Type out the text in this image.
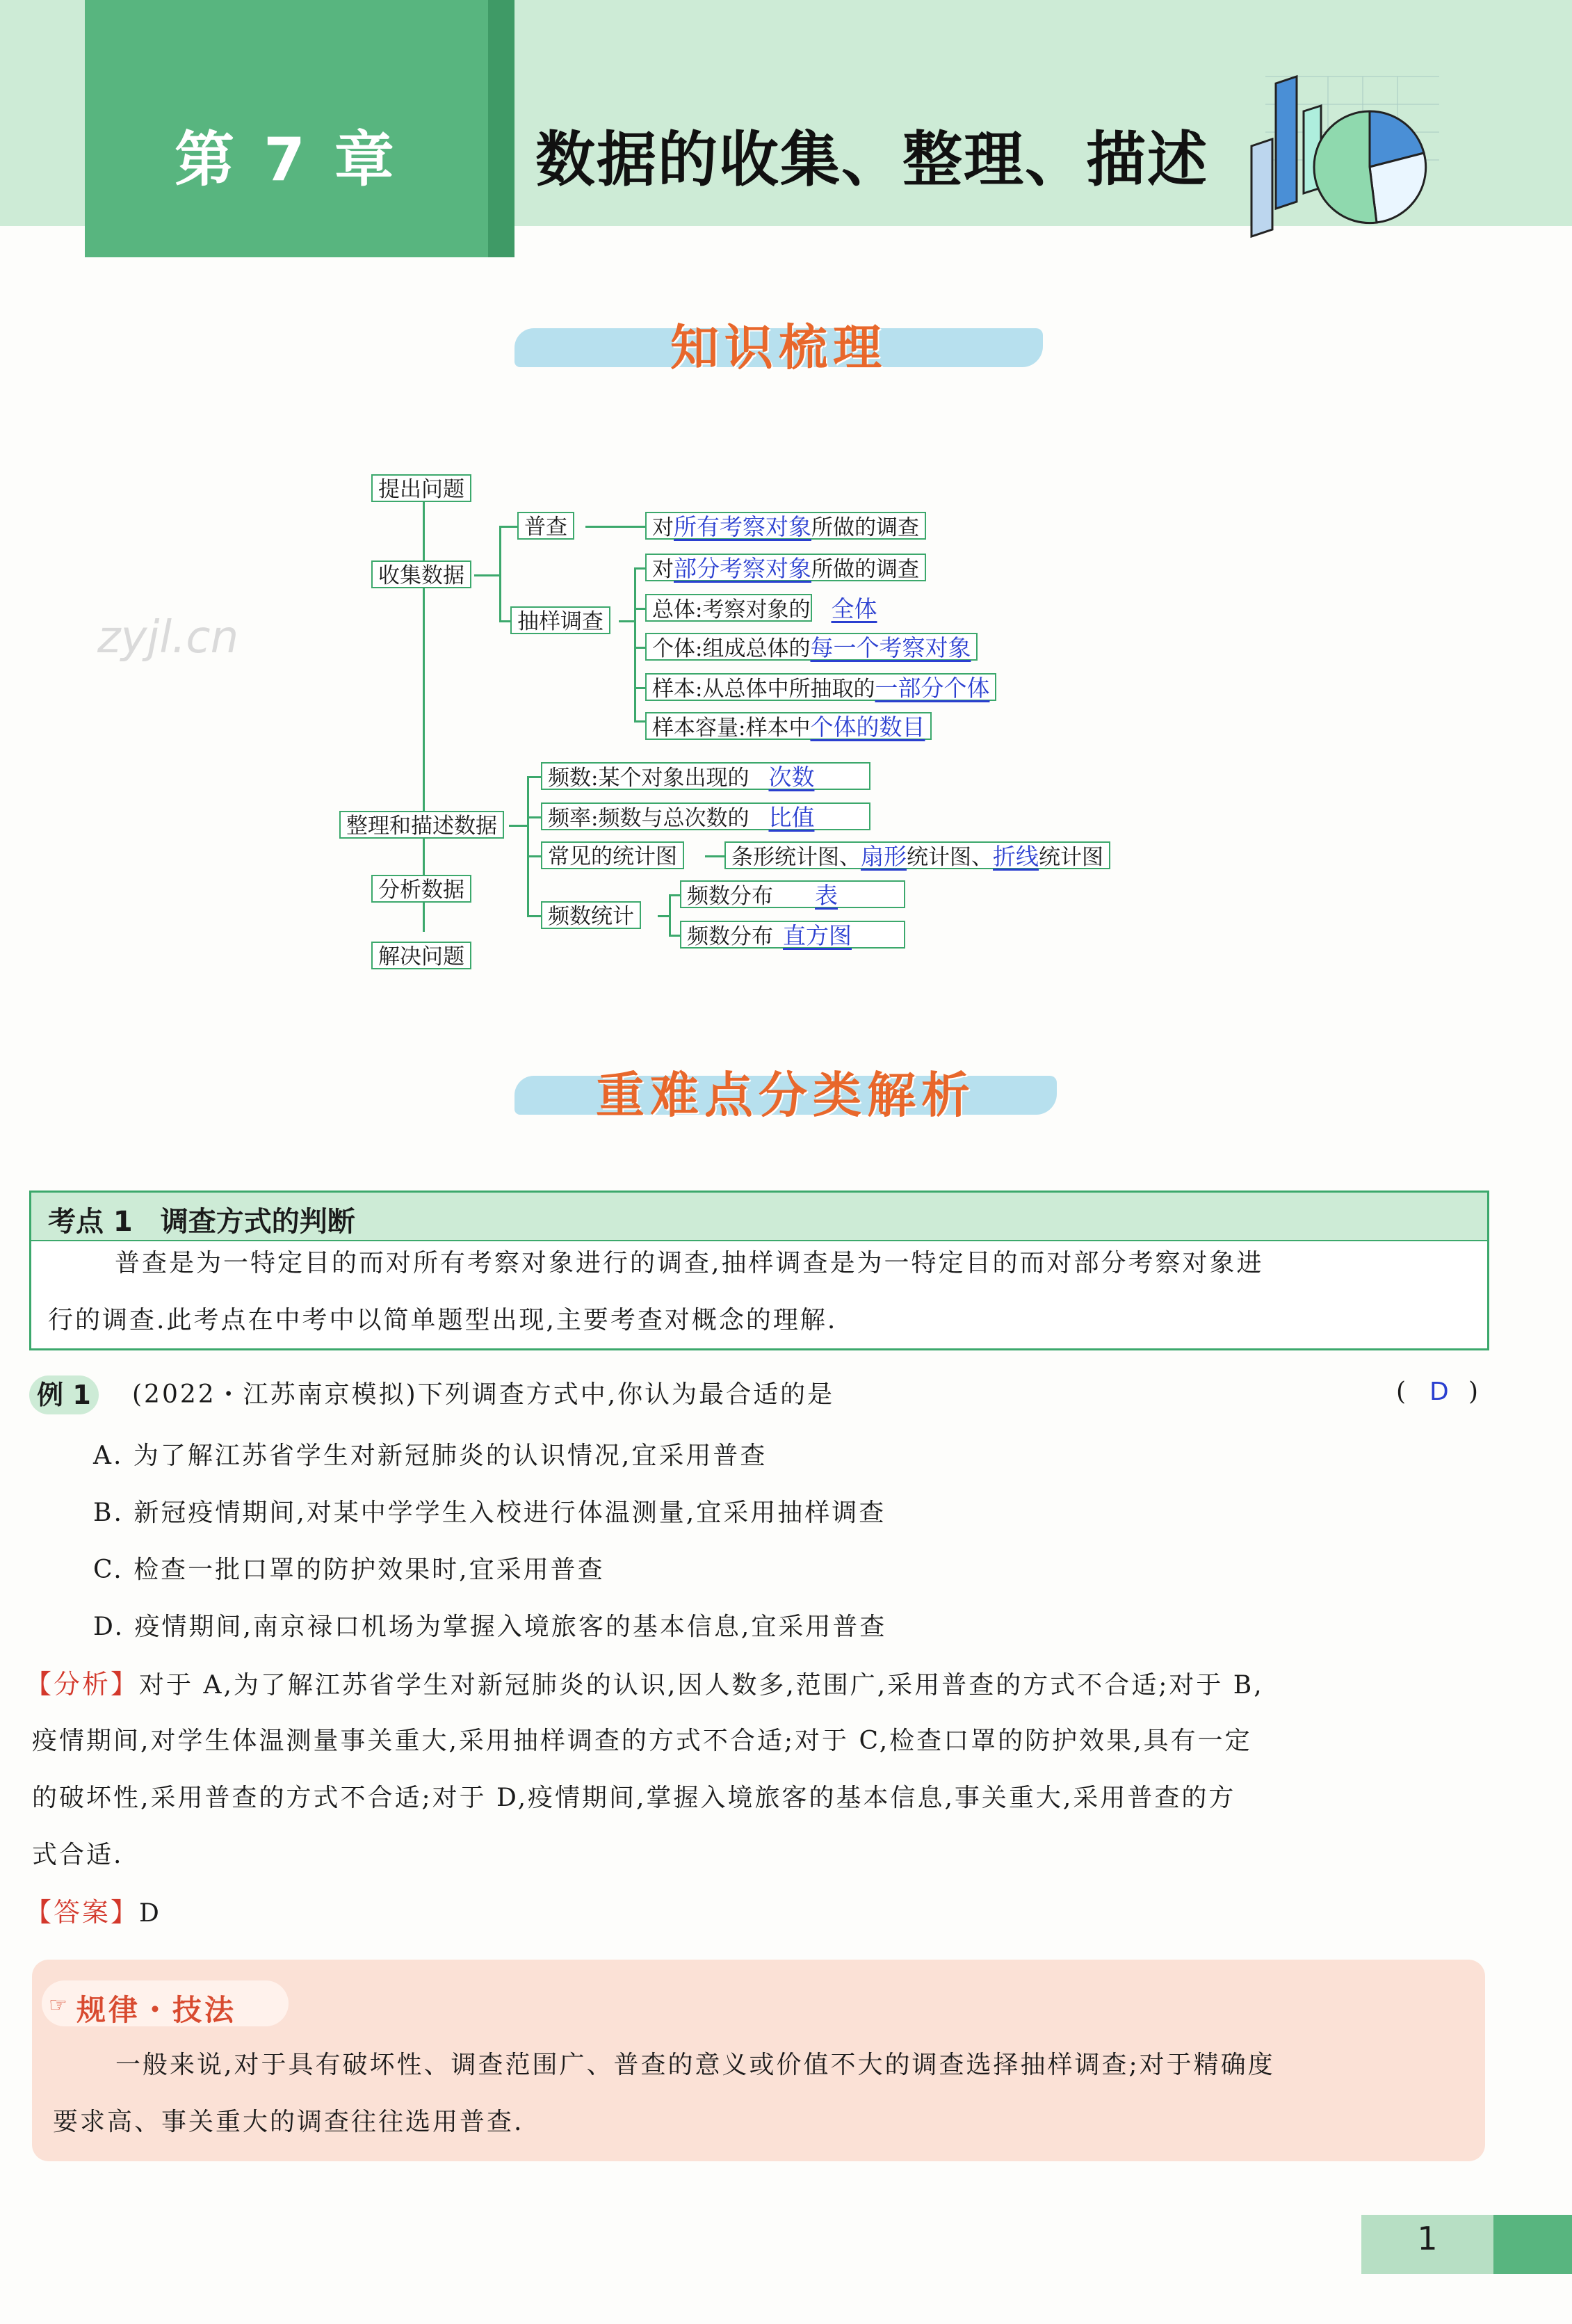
第 7 章	数据的收集、整理、描述
知识梳理
zyjl.cn
提出问题
收集数据
整理和描述数据
分析数据
解决问题
普查
抽样调查
对所有考察对象所做的调查
对部分考察对象所做的调查
总体:考察对象的 全体
个体:组成总体的每一个考察对象
样本:从总体中所抽取的一部分个体
样本容量:样本中个体的数目
频数:某个对象出现的 次数
频率:频数与总次数的 比值
常见的统计图
频数统计
条形统计图、扇形统计图、折线统计图
频数分布 表
频数分布 直方图
重难点分类解析
考点 1　调查方式的判断
普查是为一特定目的而对所有考察对象进行的调查,抽样调查是为一特定目的而对部分考察对象进
行的调查.此考点在中考中以简单题型出现,主要考查对概念的理解.
例 1	(2022・江苏南京模拟)下列调查方式中,你认为最合适的是	( D )
A. 为了解江苏省学生对新冠肺炎的认识情况,宜采用普查
B. 新冠疫情期间,对某中学学生入校进行体温测量,宜采用抽样调查
C. 检查一批口罩的防护效果时,宜采用普查
D. 疫情期间,南京禄口机场为掌握入境旅客的基本信息,宜采用普查
【分析】对于 A,为了解江苏省学生对新冠肺炎的认识,因人数多,范围广,采用普查的方式不合适;对于 B,
疫情期间,对学生体温测量事关重大,采用抽样调查的方式不合适;对于 C,检查口罩的防护效果,具有一定
的破坏性,采用普查的方式不合适;对于 D,疫情期间,掌握入境旅客的基本信息,事关重大,采用普查的方
式合适.
【答案】D
☞ 规律・技法
一般来说,对于具有破坏性、调查范围广、普查的意义或价值不大的调查选择抽样调查;对于精确度
要求高、事关重大的调查往往选用普查.
1
